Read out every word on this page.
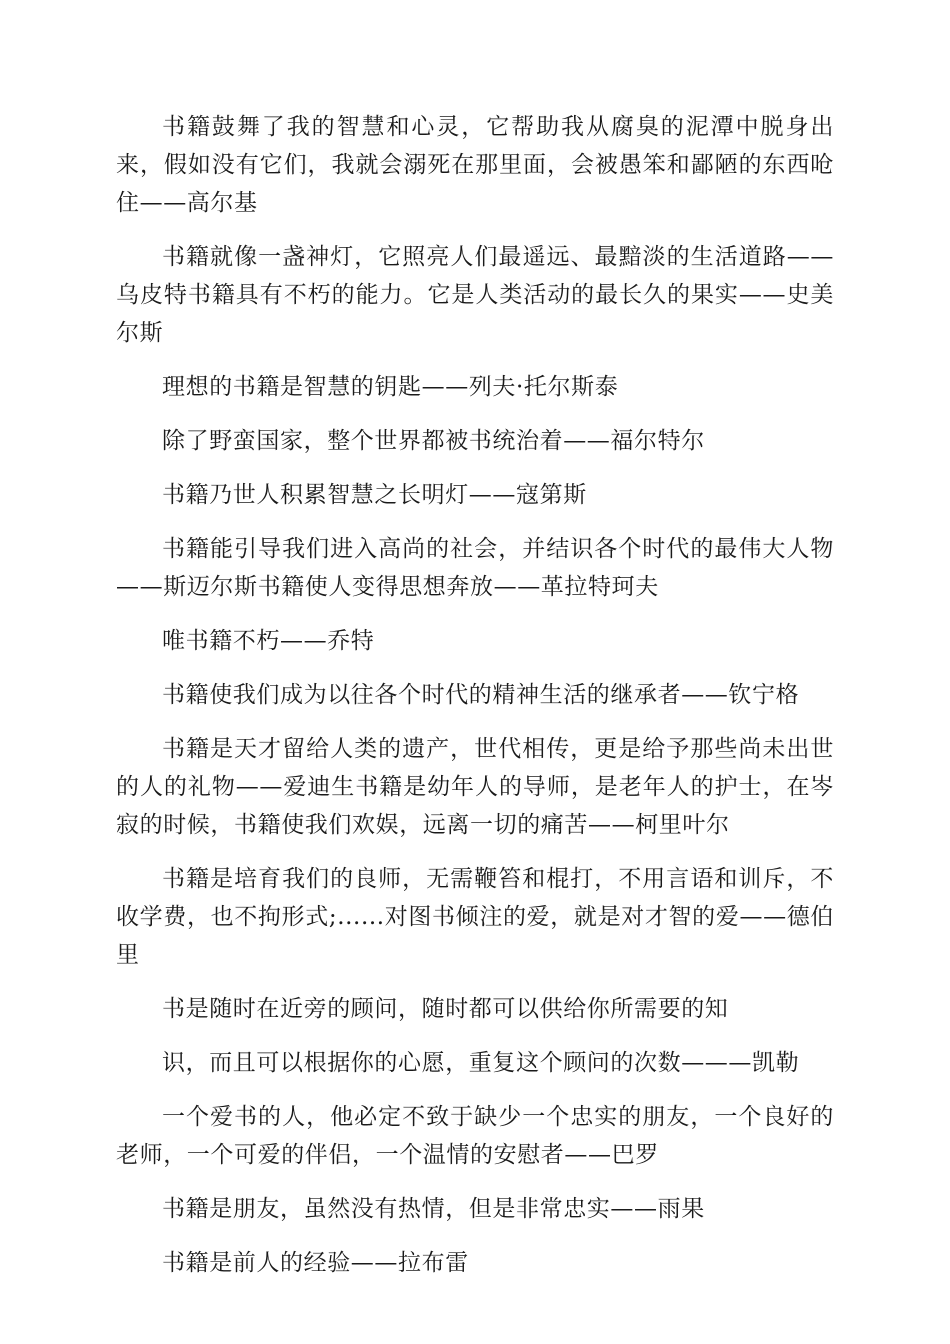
书籍鼓舞了我的智慧和心灵，它帮助我从腐臭的泥潭中脱身出来，假如没有它们，我就会溺死在那里面，会被愚笨和鄙陋的东西呛住——高尔基

书籍就像一盏神灯，它照亮人们最遥远、最黯淡的生活道路——乌皮特书籍具有不朽的能力。它是人类活动的最长久的果实——史美尔斯

理想的书籍是智慧的钥匙——列夫·托尔斯泰

除了野蛮国家，整个世界都被书统治着——福尔特尔

书籍乃世人积累智慧之长明灯——寇第斯

书籍能引导我们进入高尚的社会，并结识各个时代的最伟大人物——斯迈尔斯书籍使人变得思想奔放——革拉特珂夫

唯书籍不朽——乔特

书籍使我们成为以往各个时代的精神生活的继承者——钦宁格

书籍是天才留给人类的遗产，世代相传，更是给予那些尚未出世的人的礼物——爱迪生书籍是幼年人的导师，是老年人的护士，在岑寂的时候，书籍使我们欢娱，远离一切的痛苦——柯里叶尔

书籍是培育我们的良师，无需鞭笞和棍打，不用言语和训斥，不收学费，也不拘形式;......对图书倾注的爱，就是对才智的爱——德伯里

书是随时在近旁的顾问，随时都可以供给你所需要的知

识，而且可以根据你的心愿，重复这个顾问的次数———凯勒

一个爱书的人，他必定不致于缺少一个忠实的朋友，一个良好的老师，一个可爱的伴侣，一个温情的安慰者——巴罗

书籍是朋友，虽然没有热情，但是非常忠实——雨果

书籍是前人的经验——拉布雷
